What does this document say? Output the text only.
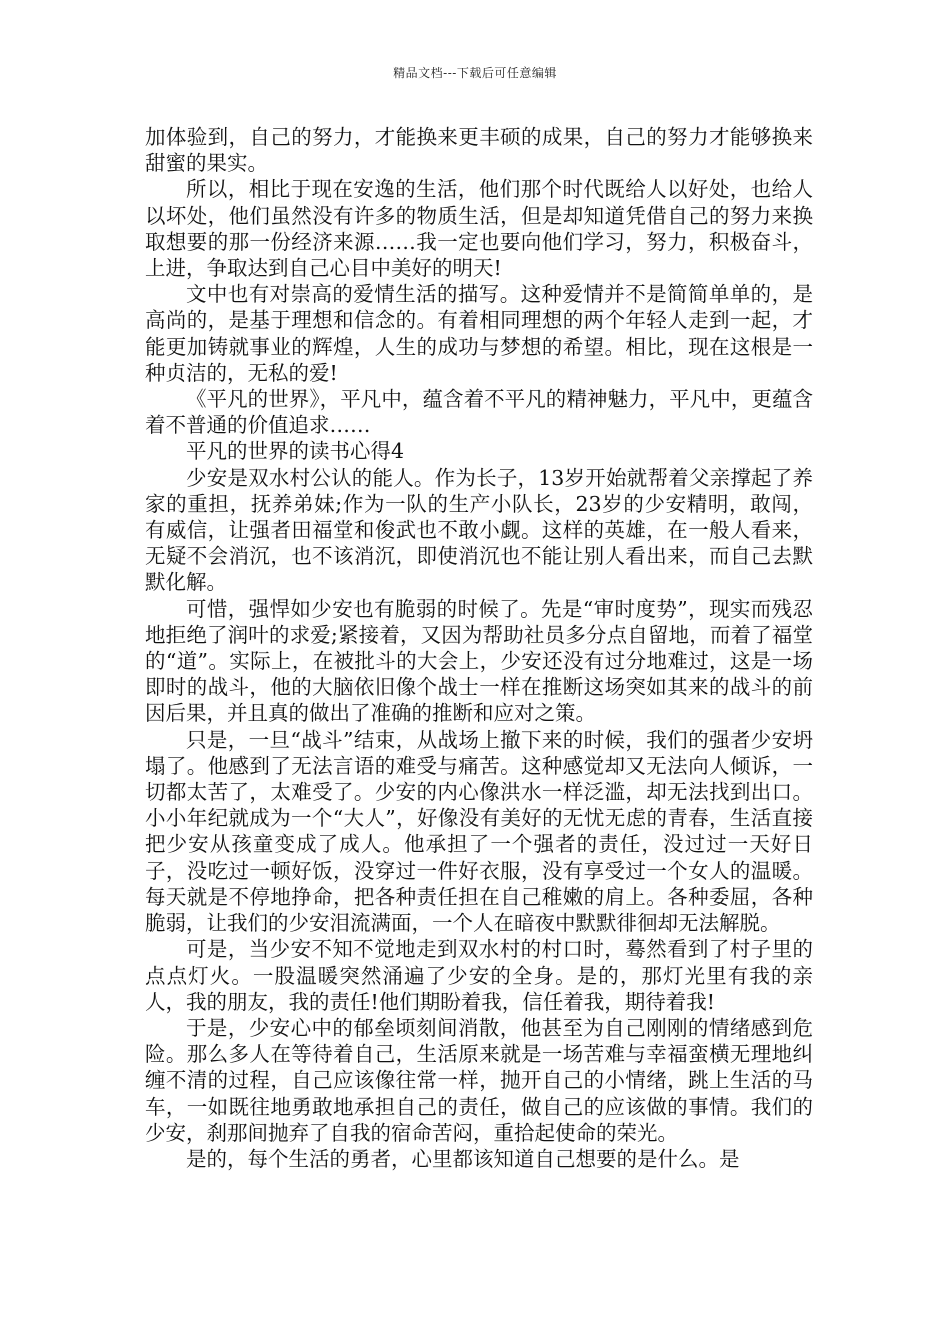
精品文档---下载后可任意编辑

加体验到，自己的努力，才能换来更丰硕的成果，自己的努力才能够换来甜蜜的果实。

所以，相比于现在安逸的生活，他们那个时代既给人以好处，也给人以坏处，他们虽然没有许多的物质生活，但是却知道凭借自己的努力来换取想要的那一份经济来源……我一定也要向他们学习，努力，积极奋斗，上进，争取达到自己心目中美好的明天!

文中也有对崇高的爱情生活的描写。这种爱情并不是简简单单的，是高尚的，是基于理想和信念的。有着相同理想的两个年轻人走到一起，才能更加铸就事业的辉煌，人生的成功与梦想的希望。相比，现在这根是一种贞洁的，无私的爱!

《平凡的世界》，平凡中，蕴含着不平凡的精神魅力，平凡中，更蕴含着不普通的价值追求……

平凡的世界的读书心得4

少安是双水村公认的能人。作为长子，13岁开始就帮着父亲撑起了养家的重担，抚养弟妹;作为一队的生产小队长，23岁的少安精明，敢闯，有威信，让强者田福堂和俊武也不敢小觑。这样的英雄，在一般人看来，无疑不会消沉，也不该消沉，即使消沉也不能让别人看出来，而自己去默默化解。

可惜，强悍如少安也有脆弱的时候了。先是“审时度势”，现实而残忍地拒绝了润叶的求爱;紧接着，又因为帮助社员多分点自留地，而着了福堂的“道”。实际上，在被批斗的大会上，少安还没有过分地难过，这是一场即时的战斗，他的大脑依旧像个战士一样在推断这场突如其来的战斗的前因后果，并且真的做出了准确的推断和应对之策。

只是，一旦“战斗”结束，从战场上撤下来的时候，我们的强者少安坍塌了。他感到了无法言语的难受与痛苦。这种感觉却又无法向人倾诉，一切都太苦了，太难受了。少安的内心像洪水一样泛滥，却无法找到出口。小小年纪就成为一个“大人”，好像没有美好的无忧无虑的青春，生活直接把少安从孩童变成了成人。他承担了一个强者的责任，没过过一天好日子，没吃过一顿好饭，没穿过一件好衣服，没有享受过一个女人的温暖。每天就是不停地挣命，把各种责任担在自己稚嫩的肩上。各种委屈，各种脆弱，让我们的少安泪流满面，一个人在暗夜中默默徘徊却无法解脱。

可是，当少安不知不觉地走到双水村的村口时，蓦然看到了村子里的点点灯火。一股温暖突然涌遍了少安的全身。是的，那灯光里有我的亲人，我的朋友，我的责任!他们期盼着我，信任着我，期待着我!

于是，少安心中的郁垒顷刻间消散，他甚至为自己刚刚的情绪感到危险。那么多人在等待着自己，生活原来就是一场苦难与幸福蛮横无理地纠缠不清的过程，自己应该像往常一样，抛开自己的小情绪，跳上生活的马车，一如既往地勇敢地承担自己的责任，做自己的应该做的事情。我们的少安，刹那间抛弃了自我的宿命苦闷，重拾起使命的荣光。

是的，每个生活的勇者，心里都该知道自己想要的是什么。是
